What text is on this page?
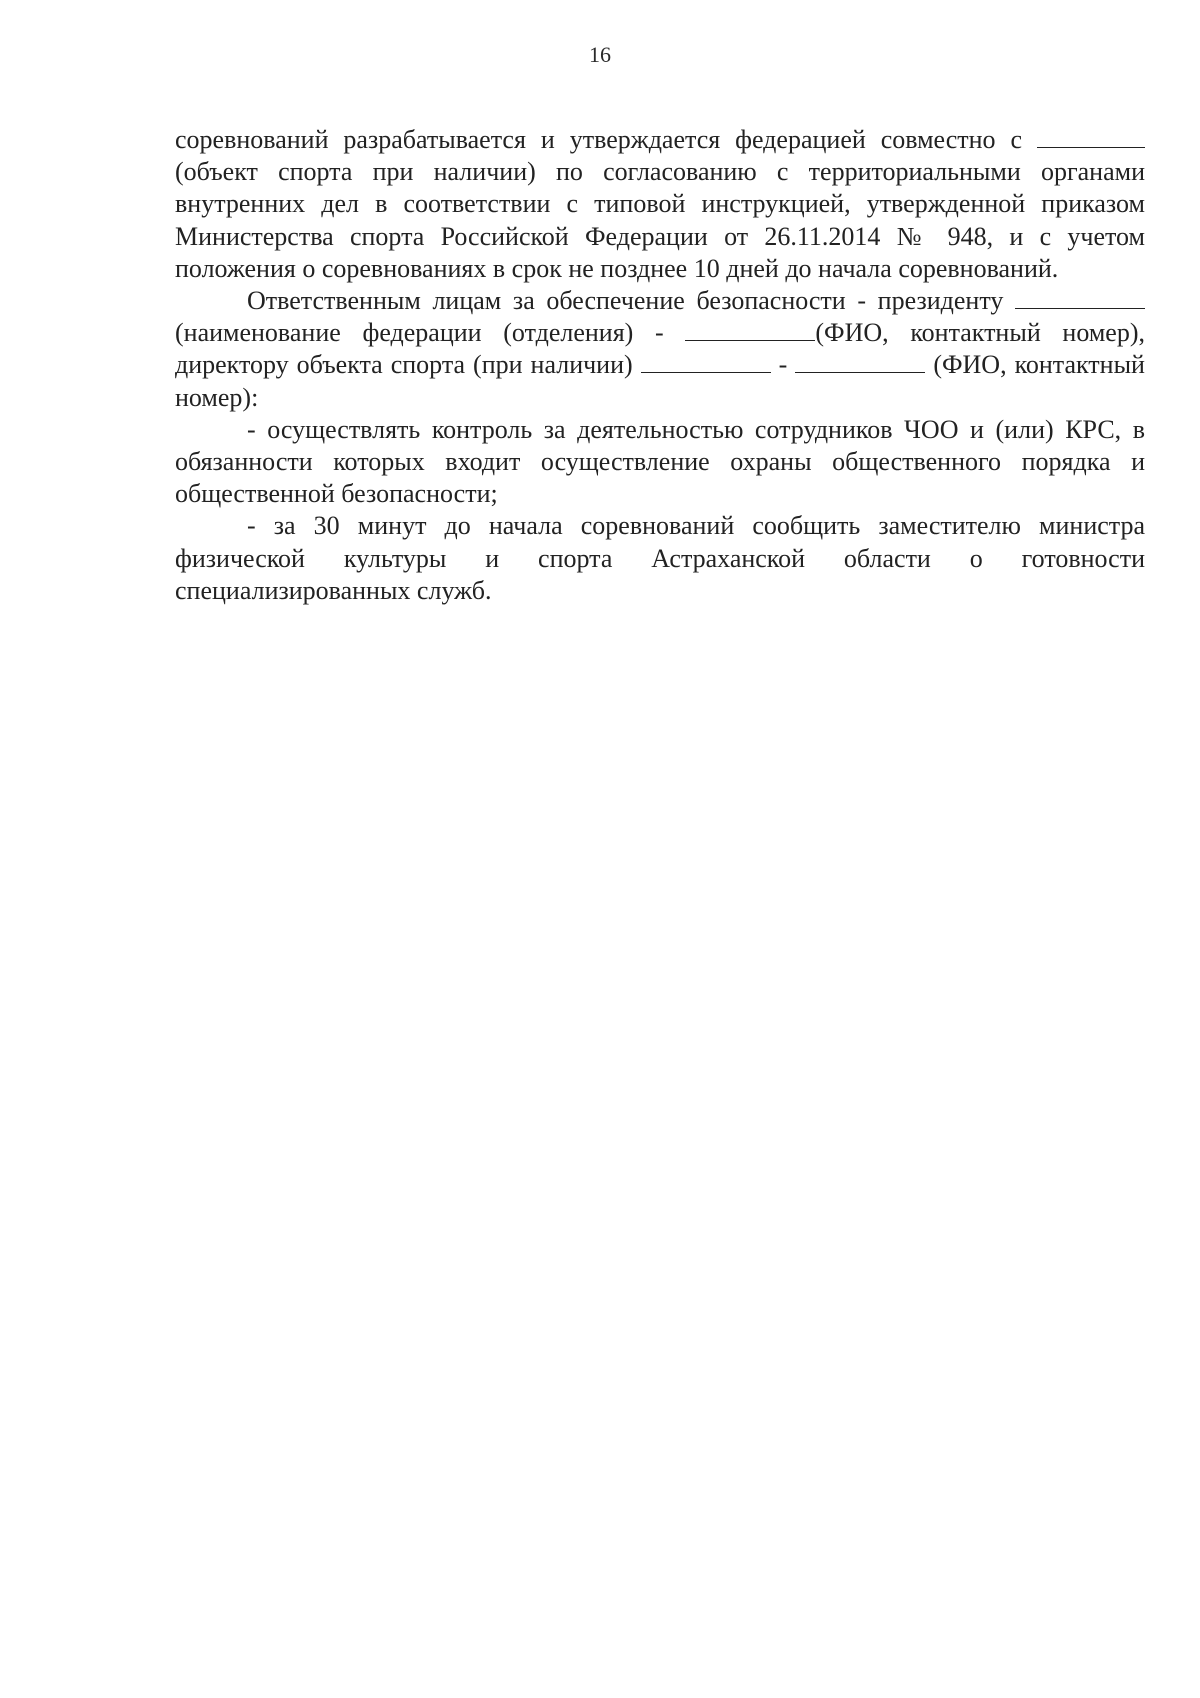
16

соревнований разрабатывается и утверждается федерацией совместно с (объект спорта при наличии) по согласованию с территориальными органами внутренних дел в соответствии с типовой инструкцией, утвержденной приказом Министерства спорта Российской Федерации от 26.11.2014 № 948, и с учетом положения о соревнованиях в срок не позднее 10 дней до начала соревнований.

Ответственным лицам за обеспечение безопасности - президенту  (наименование федерации (отделения) -	(ФИО, контактный номер), директору объекта спорта (при наличии)	-	(ФИО, контактный номер):

- осуществлять контроль за деятельностью сотрудников ЧОО и (или) КРС, в обязанности которых входит осуществление охраны общественного порядка и общественной безопасности;

- за 30 минут до начала соревнований сообщить заместителю министра физической культуры и спорта Астраханской области о готовности специализированных служб.
